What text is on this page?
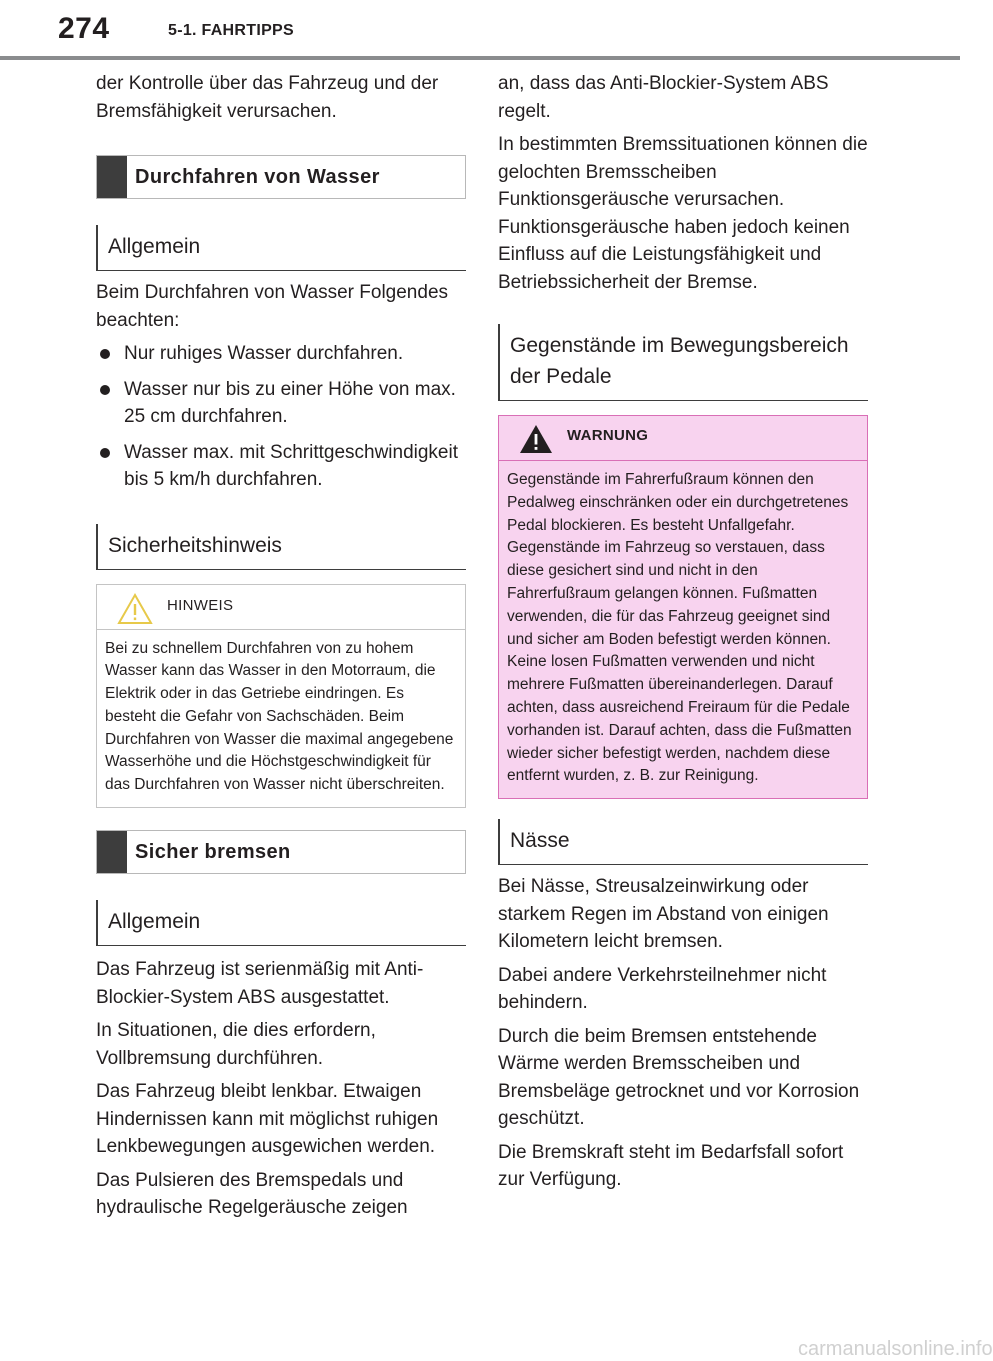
274	5-1. FAHRTIPPS

der Kontrolle über das Fahrzeug und der Bremsfähigkeit verursachen.

Durchfahren von Wasser
Allgemein

Beim Durchfahren von Wasser Folgendes beachten:

Nur ruhiges Wasser durchfahren.
Wasser nur bis zu einer Höhe von max. 25 cm durchfahren.
Wasser max. mit Schrittgeschwindigkeit bis 5 km/h durchfahren.
Sicherheitshinweis
HINWEIS
Bei zu schnellem Durchfahren von zu hohem Wasser kann das Wasser in den Motorraum, die Elektrik oder in das Getriebe eindringen. Es besteht die Gefahr von Sachschäden. Beim Durchfahren von Wasser die maximal angegebene Wasserhöhe und die Höchstgeschwindigkeit für das Durchfahren von Wasser nicht überschreiten.
Sicher bremsen
Allgemein

Das Fahrzeug ist serienmäßig mit Anti-Blockier-System ABS ausgestattet.

In Situationen, die dies erfordern, Vollbremsung durchführen.

Das Fahrzeug bleibt lenkbar. Etwaigen Hindernissen kann mit möglichst ruhigen Lenkbewegungen ausgewichen werden.

Das Pulsieren des Bremspedals und hydraulische Regelgeräusche zeigen

an, dass das Anti-Blockier-System ABS regelt.

In bestimmten Bremssituationen können die gelochten Bremsscheiben Funktionsgeräusche verursachen. Funktionsgeräusche haben jedoch keinen Einfluss auf die Leistungsfähigkeit und Betriebssicherheit der Bremse.

Gegenstände im Bewegungsbereich der Pedale
WARNUNG
Gegenstände im Fahrerfußraum können den Pedalweg einschränken oder ein durchgetretenes Pedal blockieren. Es besteht Unfallgefahr. Gegenstände im Fahrzeug so verstauen, dass diese gesichert sind und nicht in den Fahrerfußraum gelangen können. Fußmatten verwenden, die für das Fahrzeug geeignet sind und sicher am Boden befestigt werden können. Keine losen Fußmatten verwenden und nicht mehrere Fußmatten übereinanderlegen. Darauf achten, dass ausreichend Freiraum für die Pedale vorhanden ist. Darauf achten, dass die Fußmatten wieder sicher befestigt werden, nachdem diese entfernt wurden, z. B. zur Reinigung.
Nässe

Bei Nässe, Streusalzeinwirkung oder starkem Regen im Abstand von einigen Kilometern leicht bremsen.

Dabei andere Verkehrsteilnehmer nicht behindern.

Durch die beim Bremsen entstehende Wärme werden Bremsscheiben und Bremsbeläge getrocknet und vor Korrosion geschützt.

Die Bremskraft steht im Bedarfsfall sofort zur Verfügung.

carmanualsonline.info
